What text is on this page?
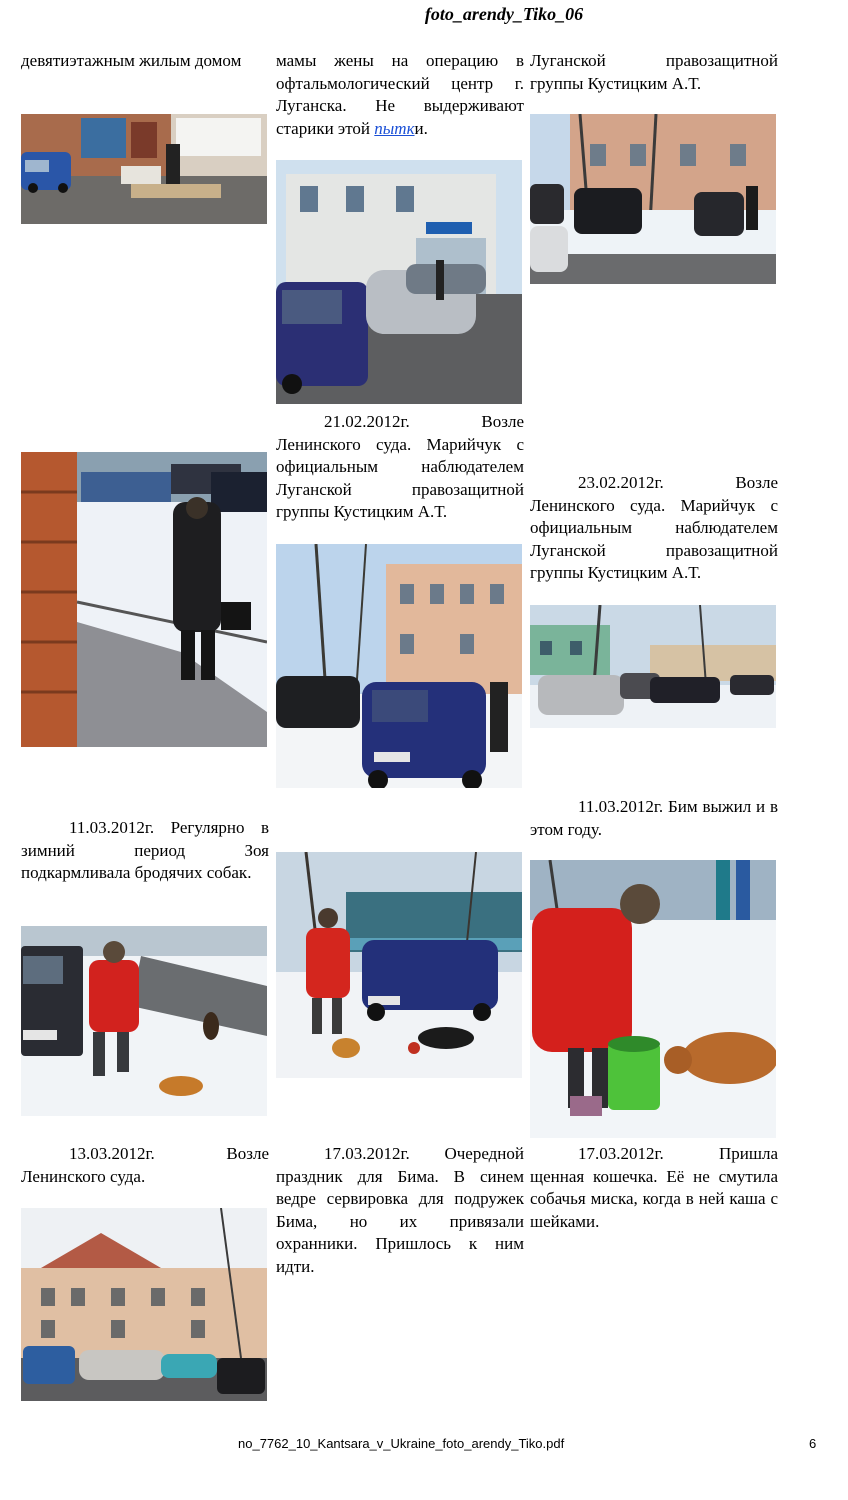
foto_arendy_Tiko_06
девятиэтажным жилым домом
11.03.2012г. Регулярно в зимний период Зоя подкармливала бродячих собак.
13.03.2012г. Возле Ленинского суда.
мамы жены на операцию в офтальмологический центр г. Луганска. Не выдерживают старики этой пытки.
21.02.2012г. Возле Ленинского суда. Марийчук с официальным наблюдателем Луганской правозащитной группы Кустицким А.Т.
17.03.2012г. Очередной праздник для Бима. В синем ведре сервировка для подружек Бима, но их привязали охранники. Пришлось к ним идти.
Луганской правозащитной группы Кустицким А.Т.
23.02.2012г. Возле Ленинского суда. Марийчук с официальным наблюдателем Луганской правозащитной группы Кустицким А.Т.
11.03.2012г. Бим выжил и в этом году.
17.03.2012г. Пришла щенная кошечка. Её не смутила собачья миска, когда в ней каша с шейками.
no_7762_10_Kantsara_v_Ukraine_foto_arendy_Tiko.pdf	6
